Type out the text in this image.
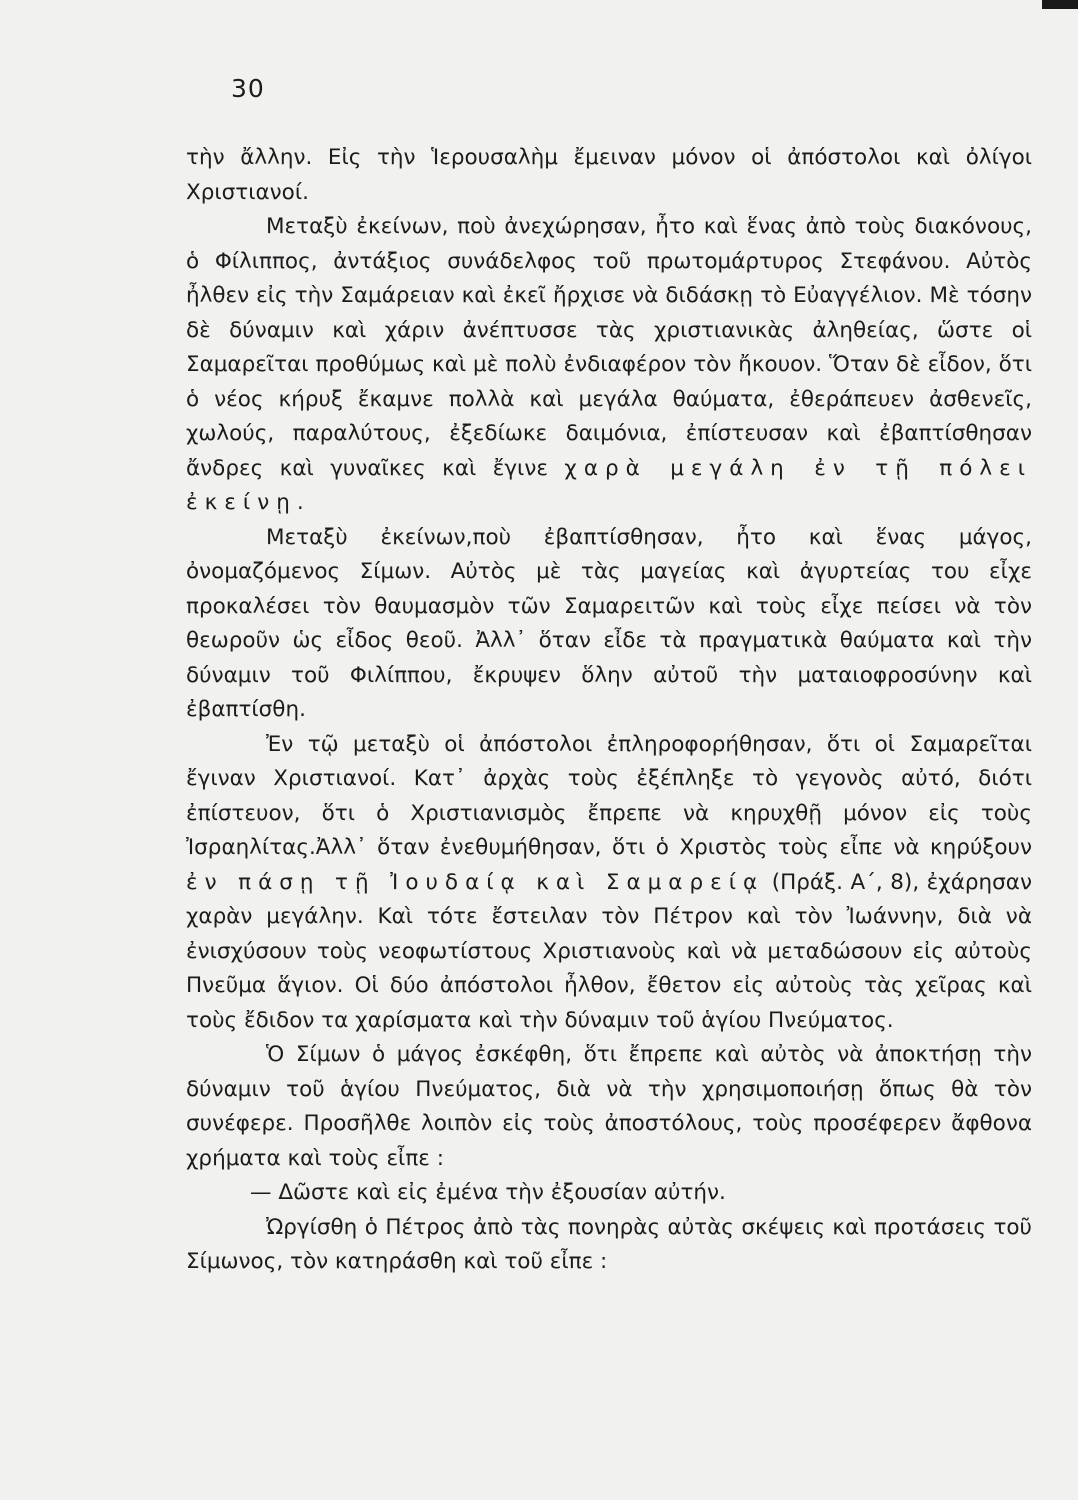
30

τὴν ἄλλην. Εἰς τὴν Ἱερουσαλὴμ ἔμειναν μόνον οἱ ἀπόστολοι καὶ ὀλίγοι Χριστιανοί.

Μεταξὺ ἐκείνων, ποὺ ἀνεχώρησαν, ἦτο καὶ ἕνας ἀπὸ τοὺς διακόνους, ὁ Φίλιππος, ἀντάξιος συνάδελφος τοῦ πρωτομάρτυρος Στεφάνου. Αὐτὸς ἦλθεν εἰς τὴν Σαμάρειαν καὶ ἐκεῖ ἤρχισε νὰ διδάσκῃ τὸ Εὐαγγέλιον. Μὲ τόσην δὲ δύναμιν καὶ χάριν ἀνέπτυσσε τὰς χριστιανικὰς ἀληθείας, ὥστε οἱ Σαμαρεῖται προθύμως καὶ μὲ πολὺ ἐνδιαφέρον τὸν ἤκουον. Ὅταν δὲ εἶδον, ὅτι ὁ νέος κήρυξ ἔκαμνε πολλὰ καὶ μεγάλα θαύματα, ἐθεράπευεν ἀσθενεῖς, χωλούς, παραλύτους, ἐξεδίωκε δαιμόνια, ἐπίστευσαν καὶ ἐβαπτίσθησαν ἄνδρες καὶ γυναῖκες καὶ ἔγινε χαρὰ μεγάλη ἐν τῇ πόλει ἐκείνῃ.

Μεταξὺ ἐκείνων,ποὺ ἐβαπτίσθησαν, ἦτο καὶ ἕνας μάγος, ὀνομαζόμενος Σίμων. Αὐτὸς μὲ τὰς μαγείας καὶ ἀγυρτείας του εἶχε προκαλέσει τὸν θαυμασμὸν τῶν Σαμαρειτῶν καὶ τοὺς εἶχε πείσει νὰ τὸν θεωροῦν ὡς εἶδος θεοῦ. Ἀλλ᾽ ὅταν εἶδε τὰ πραγματικὰ θαύματα καὶ τὴν δύναμιν τοῦ Φιλίππου, ἔκρυψεν ὅλην αὐτοῦ τὴν ματαιοφροσύνην καὶ ἐβαπτίσθη.

Ἐν τῷ μεταξὺ οἱ ἀπόστολοι ἐπληροφορήθησαν, ὅτι οἱ Σαμαρεῖται ἔγιναν Χριστιανοί. Κατ᾽ ἀρχὰς τοὺς ἐξέπληξε τὸ γεγονὸς αὐτό, διότι ἐπίστευον, ὅτι ὁ Χριστιανισμὸς ἔπρεπε νὰ κηρυχθῇ μόνον εἰς τοὺς Ἰσραηλίτας.Ἀλλ᾽ ὅταν ἐνεθυμήθησαν, ὅτι ὁ Χριστὸς τοὺς εἶπε νὰ κηρύξουν ἐν πάσῃ τῇ Ἰουδαίᾳ καὶ Σαμαρείᾳ (Πράξ. Α΄, 8), ἐχάρησαν χαρὰν μεγάλην. Καὶ τότε ἔστειλαν τὸν Πέτρον καὶ τὸν Ἰωάννην, διὰ νὰ ἐνισχύσουν τοὺς νεοφωτίστους Χριστιανοὺς καὶ νὰ μεταδώσουν εἰς αὐτοὺς Πνεῦμα ἅγιον. Οἱ δύο ἀπόστολοι ἦλθον, ἔθετον εἰς αὐτοὺς τὰς χεῖρας καὶ τοὺς ἔδιδον τα χαρίσματα καὶ τὴν δύναμιν τοῦ ἁγίου Πνεύματος.

Ὁ Σίμων ὁ μάγος ἐσκέφθη, ὅτι ἔπρεπε καὶ αὐτὸς νὰ ἀποκτήσῃ τὴν δύναμιν τοῦ ἁγίου Πνεύματος, διὰ νὰ τὴν χρησιμοποιήσῃ ὅπως θὰ τὸν συνέφερε. Προσῆλθε λοιπὸν εἰς τοὺς ἀποστόλους, τοὺς προσέφερεν ἄφθονα χρήματα καὶ τοὺς εἶπε :

— Δῶστε καὶ εἰς ἐμένα τὴν ἐξουσίαν αὐτήν.

Ὠργίσθη ὁ Πέτρος ἀπὸ τὰς πονηρὰς αὐτὰς σκέψεις καὶ προτάσεις τοῦ Σίμωνος, τὸν κατηράσθη καὶ τοῦ εἶπε :
